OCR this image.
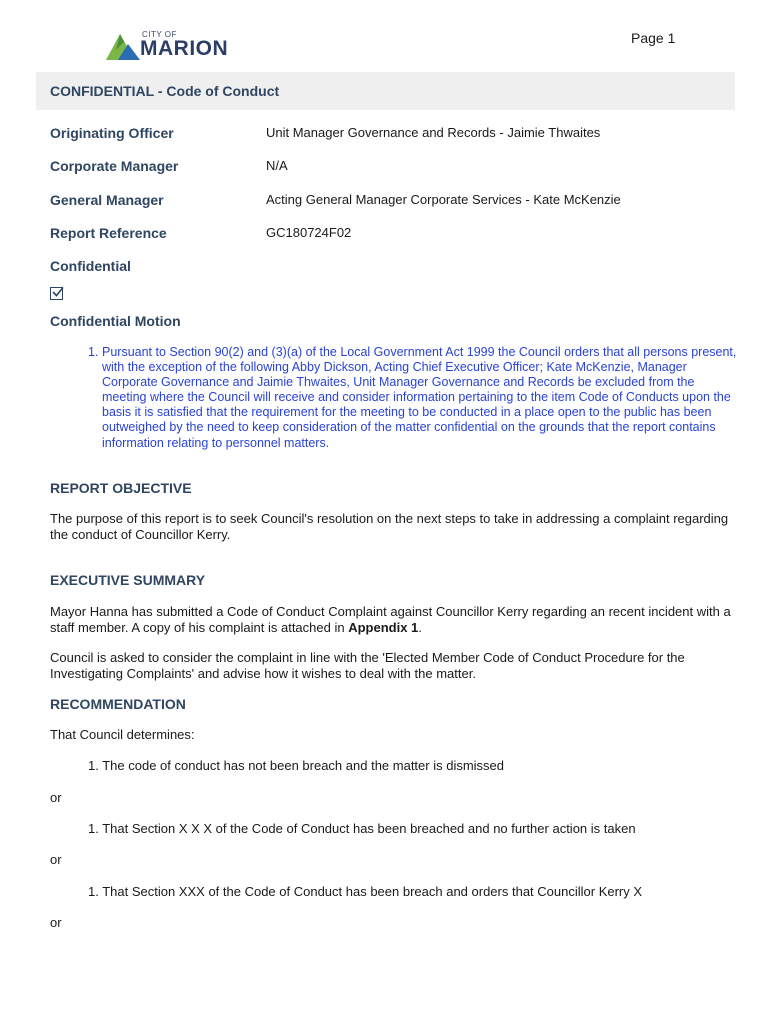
CITY OF
MARION	Page 1
CONFIDENTIAL - Code of Conduct
Originating Officer	Unit Manager Governance and Records - Jaimie Thwaites
Corporate Manager	N/A
General Manager	Acting General Manager Corporate Services - Kate McKenzie
Report Reference	GC180724F02
Confidential
Confidential Motion

1. Pursuant to Section 90(2) and (3)(a) of the Local Government Act 1999 the Council orders that all persons present, with the exception of the following Abby Dickson, Acting Chief Executive Officer; Kate McKenzie, Manager Corporate Governance and Jaimie Thwaites, Unit Manager Governance and Records be excluded from the meeting where the Council will receive and consider information pertaining to the item Code of Conducts upon the basis it is satisfied that the requirement for the meeting to be conducted in a place open to the public has been outweighed by the need to keep consideration of the matter confidential on the grounds that the report contains information relating to personnel matters.

REPORT OBJECTIVE

The purpose of this report is to seek Council's resolution on the next steps to take in addressing a complaint regarding the conduct of Councillor Kerry.

EXECUTIVE SUMMARY

Mayor Hanna has submitted a Code of Conduct Complaint against Councillor Kerry regarding an recent incident with a staff member. A copy of his complaint is attached in Appendix 1.

Council is asked to consider the complaint in line with the 'Elected Member Code of Conduct Procedure for the Investigating Complaints' and advise how it wishes to deal with the matter.

RECOMMENDATION
That Council determines:
1. The code of conduct has not been breach and the matter is dismissed
or
1. That Section X X X of the Code of Conduct has been breached and no further action is taken
or
1. That Section XXX of the Code of Conduct has been breach and orders that Councillor Kerry X
or
